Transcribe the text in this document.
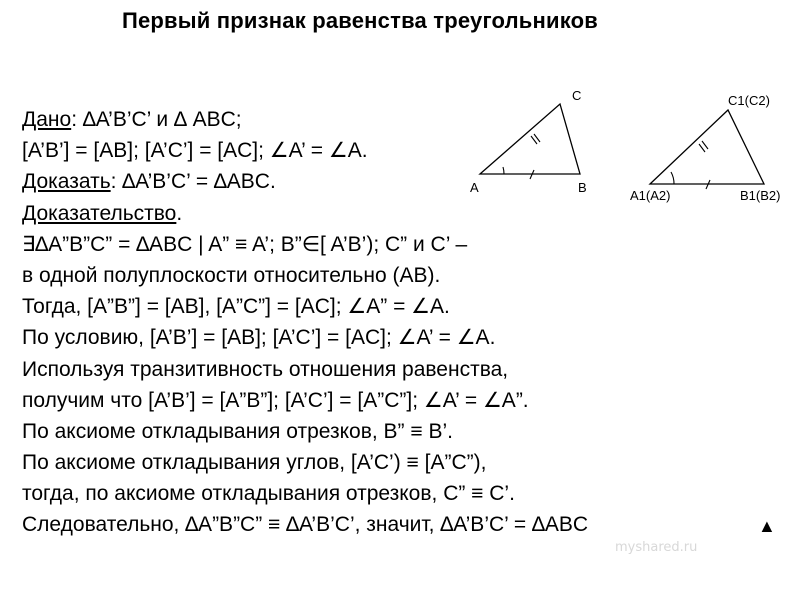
Первый признак равенства треугольников
A	B
C
A1(A2)	B1(B2)
C1(C2)
Дано: ∆A’B’C’ и ∆ ABC;
[A’B’] = [AB]; [A’C’] = [AC]; ∠A’ = ∠A.
Доказать: ∆A’B’C’ = ∆ABC.
Доказательство.
∃∆A”B”C” = ∆ABC | A” ≡ A’; B”∈[ A’B’); C” и C’ –
в одной полуплоскости относительно (AB).
Тогда, [A”B”] = [AB], [A”C”] = [AC]; ∠A” = ∠A.
По условию, [A’B’] = [AB]; [A’C’] = [AC]; ∠A’ = ∠A.
Используя транзитивность отношения равенства,
получим что [A’B’] = [A”B”]; [A’C’] = [A”C”]; ∠A’ = ∠A”.
По аксиоме откладывания отрезков, B” ≡ B’.
По аксиоме откладывания углов, [A’C’) ≡ [A”C”),
тогда, по аксиоме откладывания отрезков, C” ≡ C’.
Следовательно, ∆A”B”C” ≡ ∆A’B’C’, значит, ∆A’B’C’ = ∆ABC	▲
myshared.ru
